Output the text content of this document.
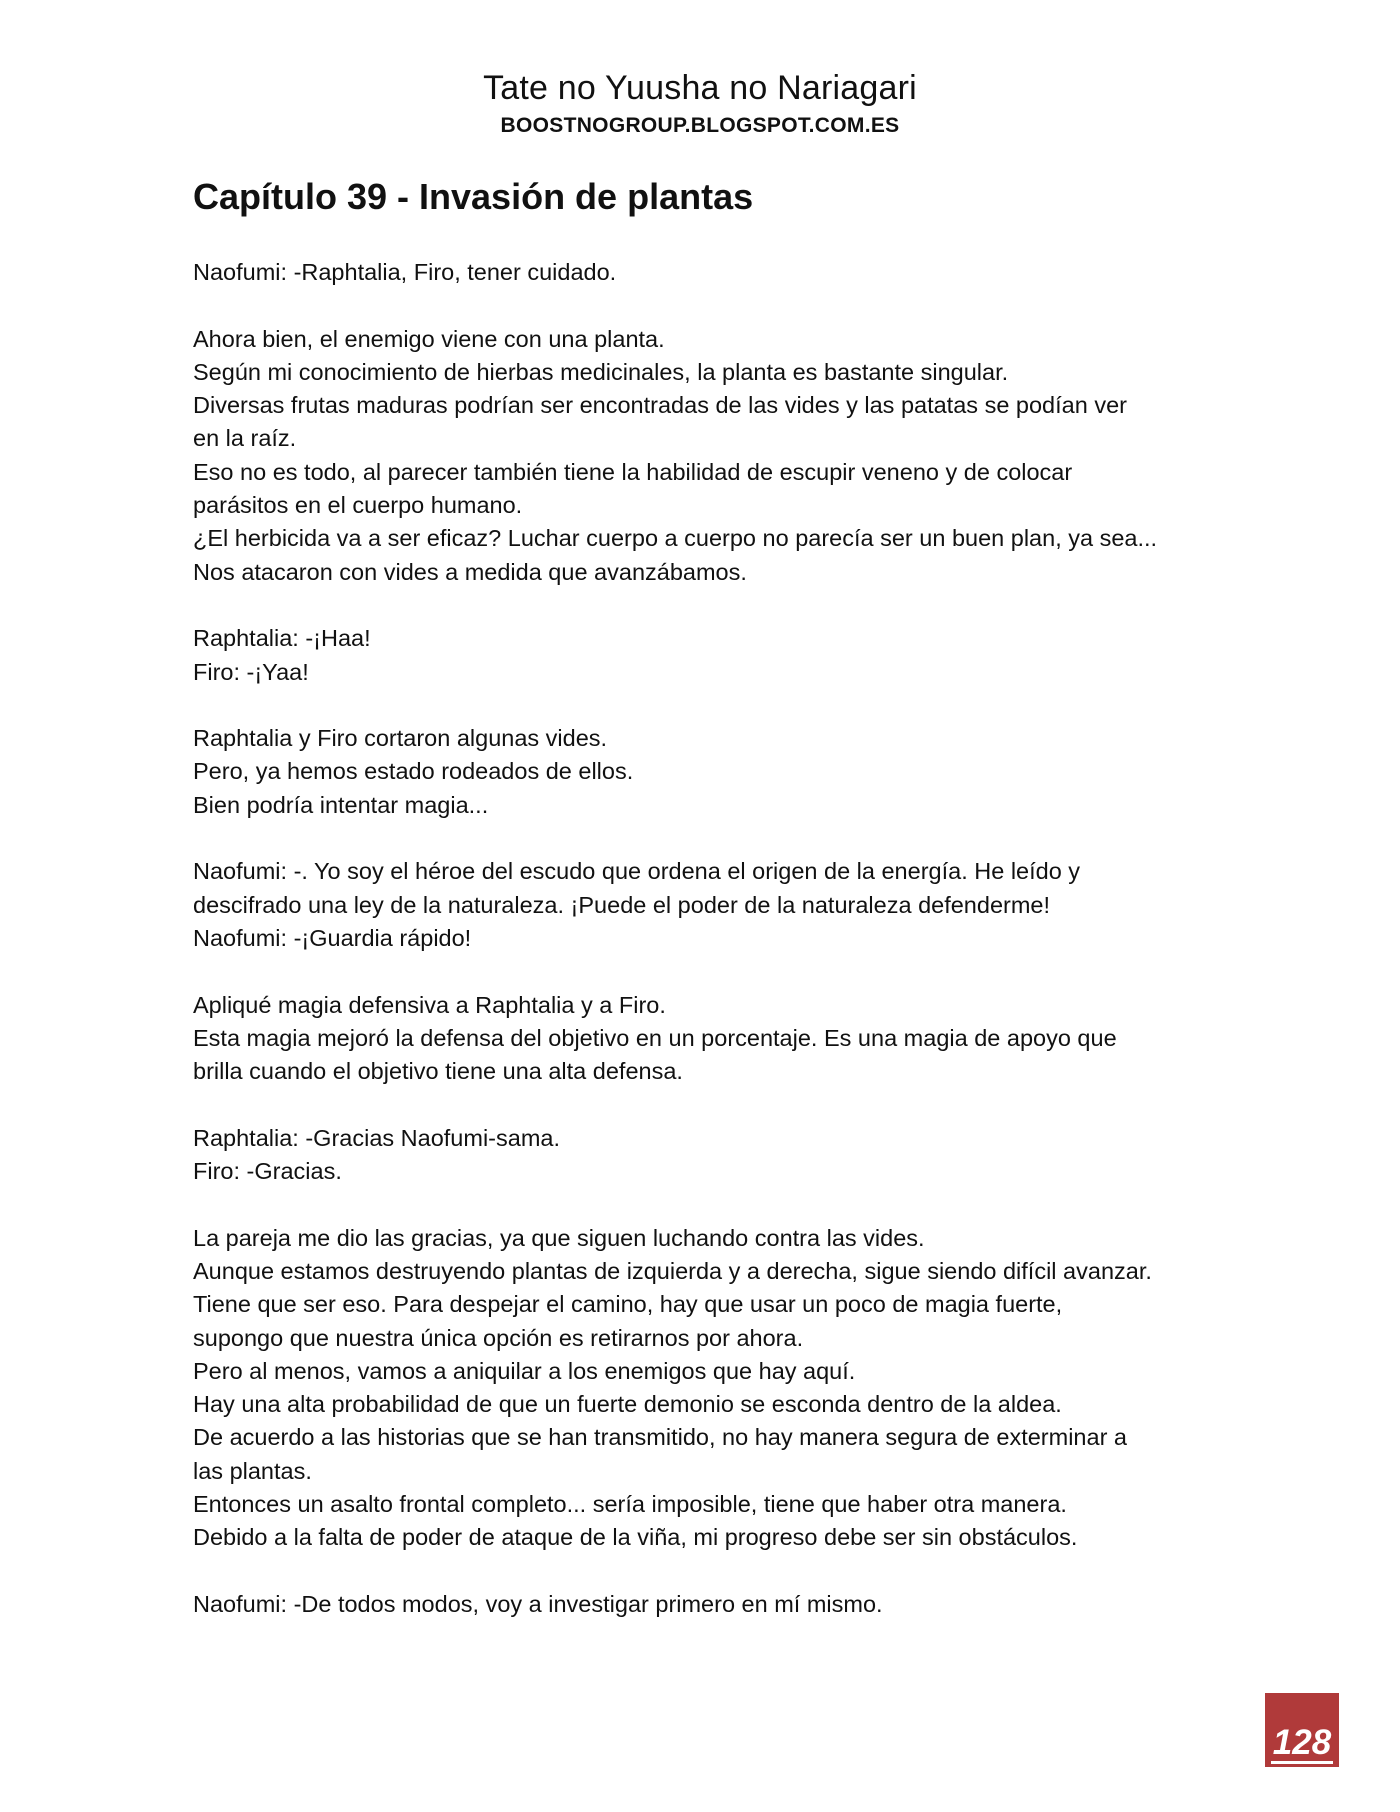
Tate no Yuusha no Nariagari
BOOSTNOGROUP.BLOGSPOT.COM.ES
Capítulo 39 - Invasión de plantas
Naofumi: -Raphtalia, Firo, tener cuidado.
Ahora bien, el enemigo viene con una planta.
Según mi conocimiento de hierbas medicinales, la planta es bastante singular.
Diversas frutas maduras podrían ser encontradas de las vides y las patatas se podían ver
en la raíz.
Eso no es todo, al parecer también tiene la habilidad de escupir veneno y de colocar
parásitos en el cuerpo humano.
¿El herbicida va a ser eficaz? Luchar cuerpo a cuerpo no parecía ser un buen plan, ya sea...
Nos atacaron con vides a medida que avanzábamos.
Raphtalia: -¡Haa!
Firo: -¡Yaa!
Raphtalia y Firo cortaron algunas vides.
Pero, ya hemos estado rodeados de ellos.
Bien podría intentar magia...
Naofumi: -. Yo soy el héroe del escudo que ordena el origen de la energía. He leído y
descifrado una ley de la naturaleza. ¡Puede el poder de la naturaleza defenderme!
Naofumi: -¡Guardia rápido!
Apliqué magia defensiva a Raphtalia y a Firo.
Esta magia mejoró la defensa del objetivo en un porcentaje. Es una magia de apoyo que
brilla cuando el objetivo tiene una alta defensa.
Raphtalia: -Gracias Naofumi-sama.
Firo: -Gracias.
La pareja me dio las gracias, ya que siguen luchando contra las vides.
Aunque estamos destruyendo plantas de izquierda y a derecha, sigue siendo difícil avanzar.
Tiene que ser eso. Para despejar el camino, hay que usar un poco de magia fuerte,
supongo que nuestra única opción es retirarnos por ahora.
Pero al menos, vamos a aniquilar a los enemigos que hay aquí.
Hay una alta probabilidad de que un fuerte demonio se esconda dentro de la aldea.
De acuerdo a las historias que se han transmitido, no hay manera segura de exterminar a
las plantas.
Entonces un asalto frontal completo... sería imposible, tiene que haber otra manera.
Debido a la falta de poder de ataque de la viña, mi progreso debe ser sin obstáculos.
Naofumi: -De todos modos, voy a investigar primero en mí mismo.
128
